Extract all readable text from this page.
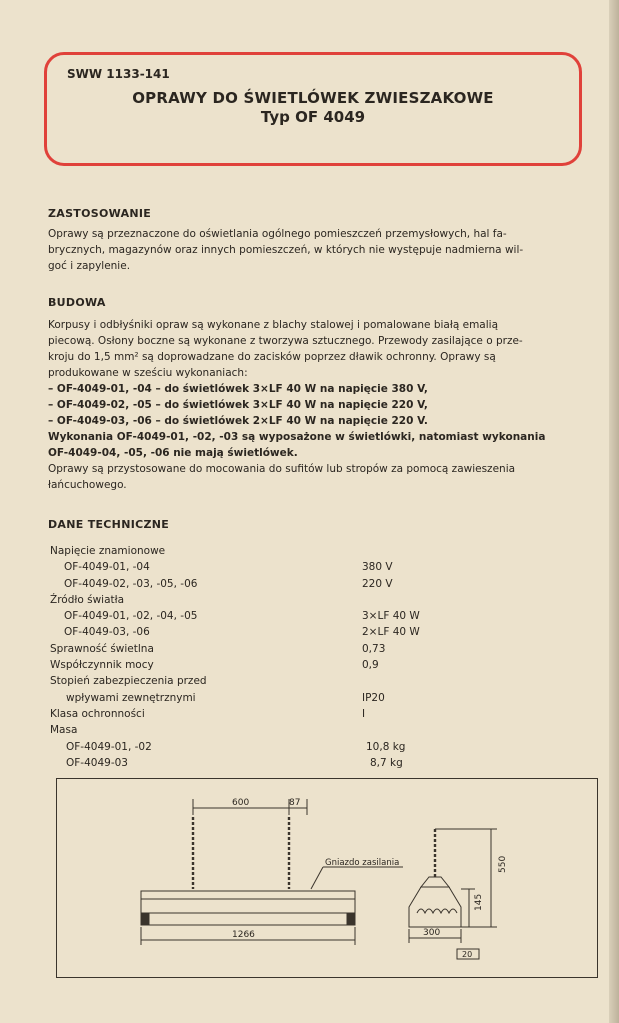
SWW 1133-141
OPRAWY DO ŚWIETLÓWEK ZWIESZAKOWE
Typ OF 4049
ZASTOSOWANIE
Oprawy są przeznaczone do oświetlania ogólnego pomieszczeń przemysłowych, hal fa-
brycznych, magazynów oraz innych pomieszczeń, w których nie występuje nadmierna wil-
goć i zapylenie.
BUDOWA
Korpusy i odbłyśniki opraw są wykonane z blachy stalowej i pomalowane białą emalią
piecową. Osłony boczne są wykonane z tworzywa sztucznego. Przewody zasilające o prze-
kroju do 1,5 mm² są doprowadzane do zacisków poprzez dławik ochronny. Oprawy są
produkowane w sześciu wykonaniach:
– OF-4049-01, -04 – do świetlówek 3×LF 40 W na napięcie 380 V,
– OF-4049-02, -05 – do świetlówek 3×LF 40 W na napięcie 220 V,
– OF-4049-03, -06 – do świetlówek 2×LF 40 W na napięcie 220 V.
Wykonania OF-4049-01, -02, -03 są wyposażone w świetlówki, natomiast wykonania
OF-4049-04, -05, -06 nie mają świetlówek.
Oprawy są przystosowane do mocowania do sufitów lub stropów za pomocą zawieszenia
łańcuchowego.
DANE TECHNICZNE
Napięcie znamionowe
OF-4049-01, -04	380 V
OF-4049-02, -03, -05, -06	220 V
Źródło światła
OF-4049-01, -02, -04, -05	3×LF 40 W
OF-4049-03, -06	2×LF 40 W
Sprawność świetlna	0,73
Współczynnik mocy	0,9
Stopień zabezpieczenia przed
wpływami zewnętrznymi	IP20
Klasa ochronności	I
Masa
OF-4049-01, -02	10,8 kg
OF-4049-03	8,7 kg
600	87
Gniazdo zasilania
1266	300
550
145
20
